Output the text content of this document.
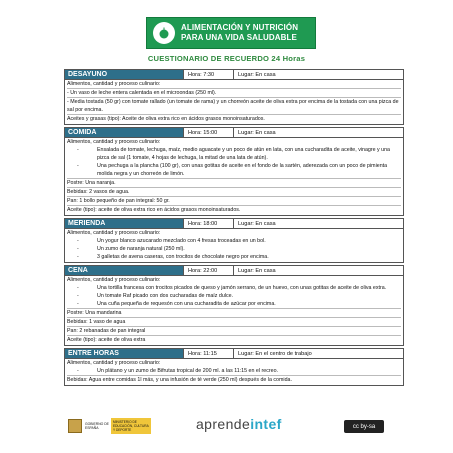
ALIMENTACIÓN Y NUTRICIÓN
PARA UNA VIDA SALUDABLE
CUESTIONARIO DE RECUERDO 24 Horas
DESAYUNO	Hora: 7:30	Lugar: En casa
Alimentos, cantidad y proceso culinario:
- Un vaso de leche entera calentada en el microondas (250 ml).
- Media tostada (50 gr) con tomate rallado (un tomate de rama) y un chorreón aceite de oliva extra por encima de la tostada con una pizca de sal por encima.
Aceites y grasas (tipo): Aceite de oliva extra rico en ácidos grasos monoinsaturados.
COMIDA	Hora: 15:00	Lugar: En casa
Alimentos, cantidad y proceso culinario:
-	Ensalada de tomate, lechuga, maíz, medio aguacate y un poco de atún en lata, con una cucharadita de aceite, vinagre y una pizca de sal (1 tomate, 4 hojas de lechuga, la mitad de una lata de atún).
-	Una pechuga a la plancha (100 gr), con unas gotitas de aceite en el fondo de la sartén, aderezada con un poco de pimienta molida negra y un chorreón de limón.
Postre: Una naranja.
Bebidas: 2 vasos de agua.
Pan: 1 bollo pequeño de pan integral: 50 gr.
Aceite (tipo): aceite de oliva extra rico en ácidos grasos monoinsaturados.
MERIENDA	Hora: 18:00	Lugar: En casa
Alimentos, cantidad y proceso culinario:
-	Un yogur blanco azucarado mezclado con 4 fresas troceadas en un bol.
-	Un zumo de naranja natural (250 ml).
-	3 galletas de avena caseras, con trocitos de chocolate negro por encima.
CENA	Hora: 22:00	Lugar: En casa
Alimentos, cantidad y proceso culinario:
-	Una tortilla francesa con trocitos picados de queso y jamón serrano, de un huevo, con unas gotitas de aceite de oliva extra.
-	Un tomate Raf picado con dos cucharadas de maíz dulce.
-	Una cuña pequeña de requesón con una cucharadita de azúcar por encima.
Postre: Una mandarina
Bebidas: 1 vaso de agua
Pan: 2 rebanadas de pan integral
Aceite (tipo): aceite de oliva extra
ENTRE HORAS	Hora: 11:15	Lugar: En el centro de trabajo
Alimentos, cantidad y proceso culinario:
-	Un plátano y un zumo de Bifrutas tropical de 200 ml. a las 11:15 en el recreo.
Bebidas: Agua entre comidas 1l más, y una infusión de té verde (250 ml) después de la comida.
GOBIERNO DE ESPAÑA
MINISTERIO DE EDUCACIÓN, CULTURA Y DEPORTE	aprendeintef	cc by-sa
